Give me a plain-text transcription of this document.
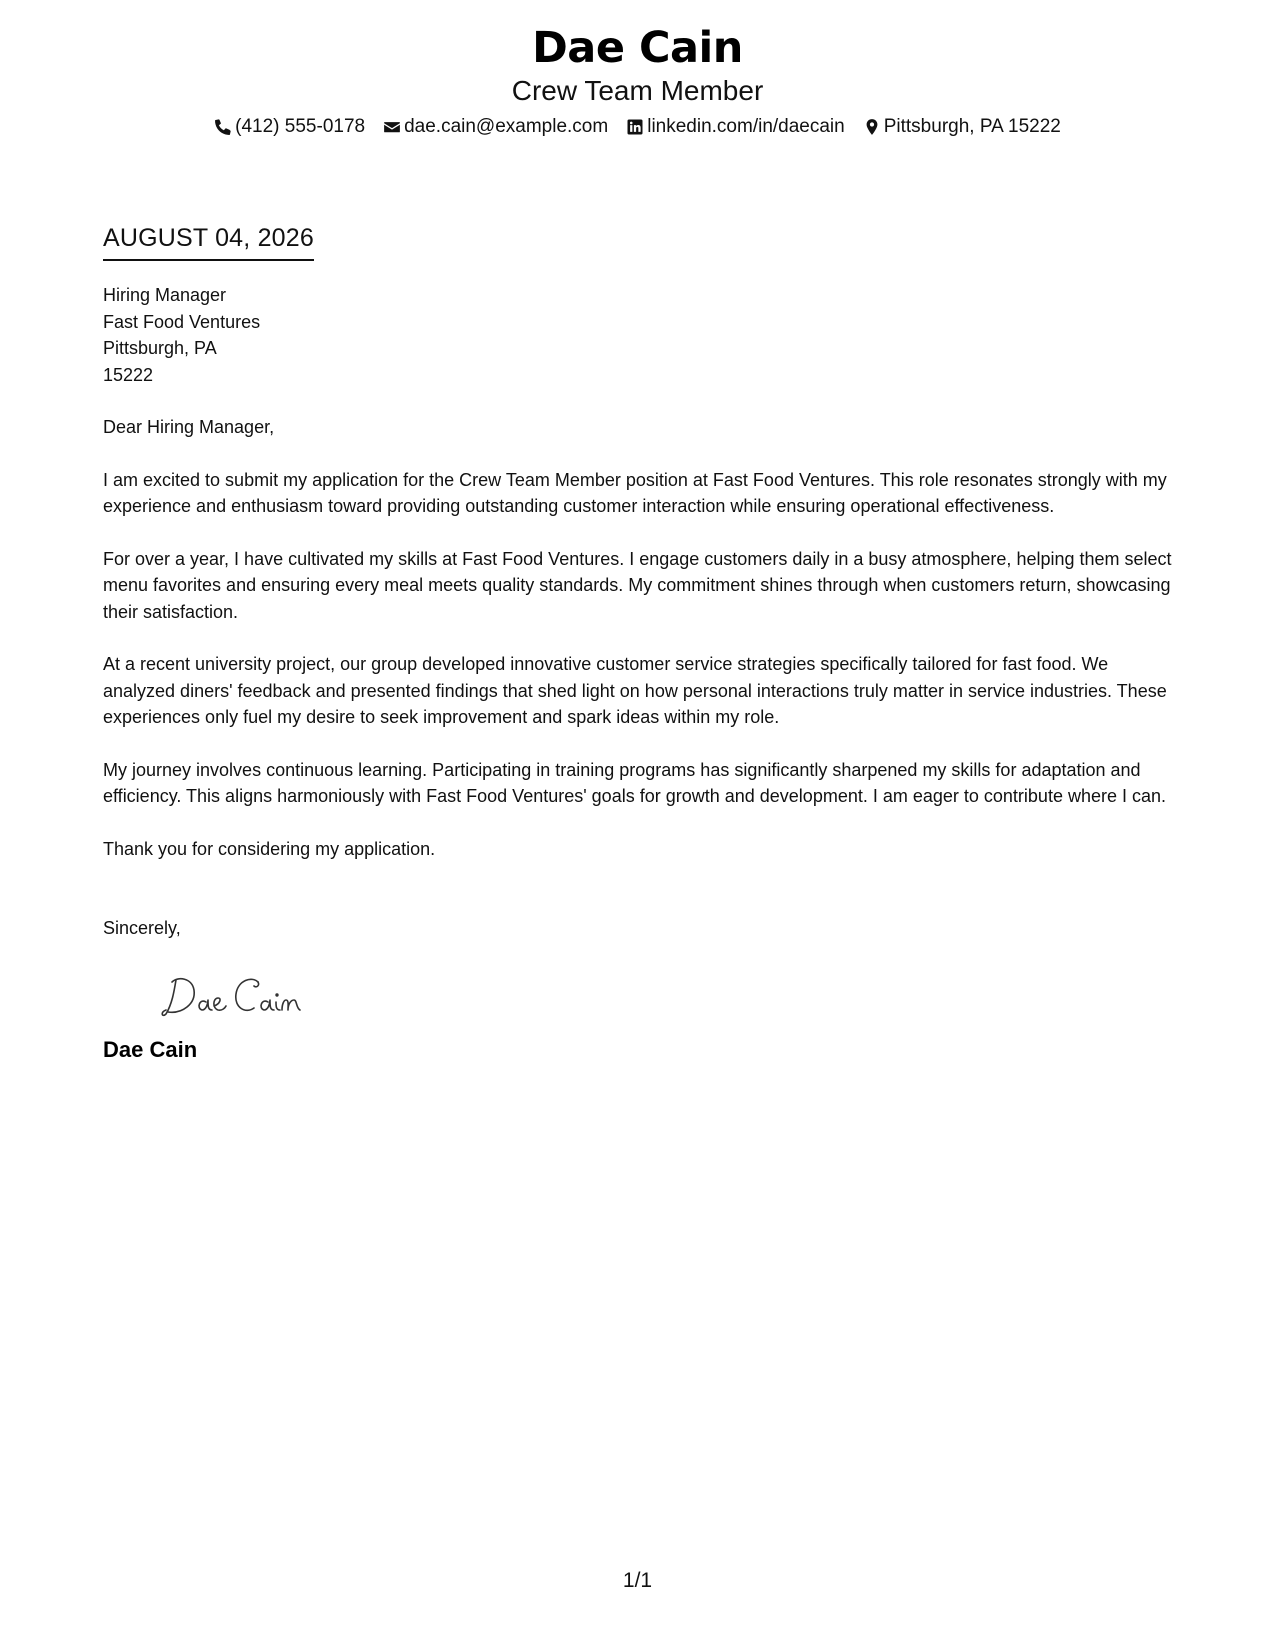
Dae Cain
Crew Team Member
(412) 555-0178 dae.cain@example.com linkedin.com/in/daecain Pittsburgh, PA 15222
AUGUST 04, 2026
Hiring Manager
Fast Food Ventures
Pittsburgh, PA
15222
Dear Hiring Manager,
I am excited to submit my application for the Crew Team Member position at Fast Food Ventures. This role resonates strongly with my experience and enthusiasm toward providing outstanding customer interaction while ensuring operational effectiveness.
For over a year, I have cultivated my skills at Fast Food Ventures. I engage customers daily in a busy atmosphere, helping them select menu favorites and ensuring every meal meets quality standards. My commitment shines through when customers return, showcasing their satisfaction.
At a recent university project, our group developed innovative customer service strategies specifically tailored for fast food. We analyzed diners' feedback and presented findings that shed light on how personal interactions truly matter in service industries. These experiences only fuel my desire to seek improvement and spark ideas within my role.
My journey involves continuous learning. Participating in training programs has significantly sharpened my skills for adaptation and efficiency. This aligns harmoniously with Fast Food Ventures' goals for growth and development. I am eager to contribute where I can.
Thank you for considering my application.
Sincerely,
Dae Cain
1/1
